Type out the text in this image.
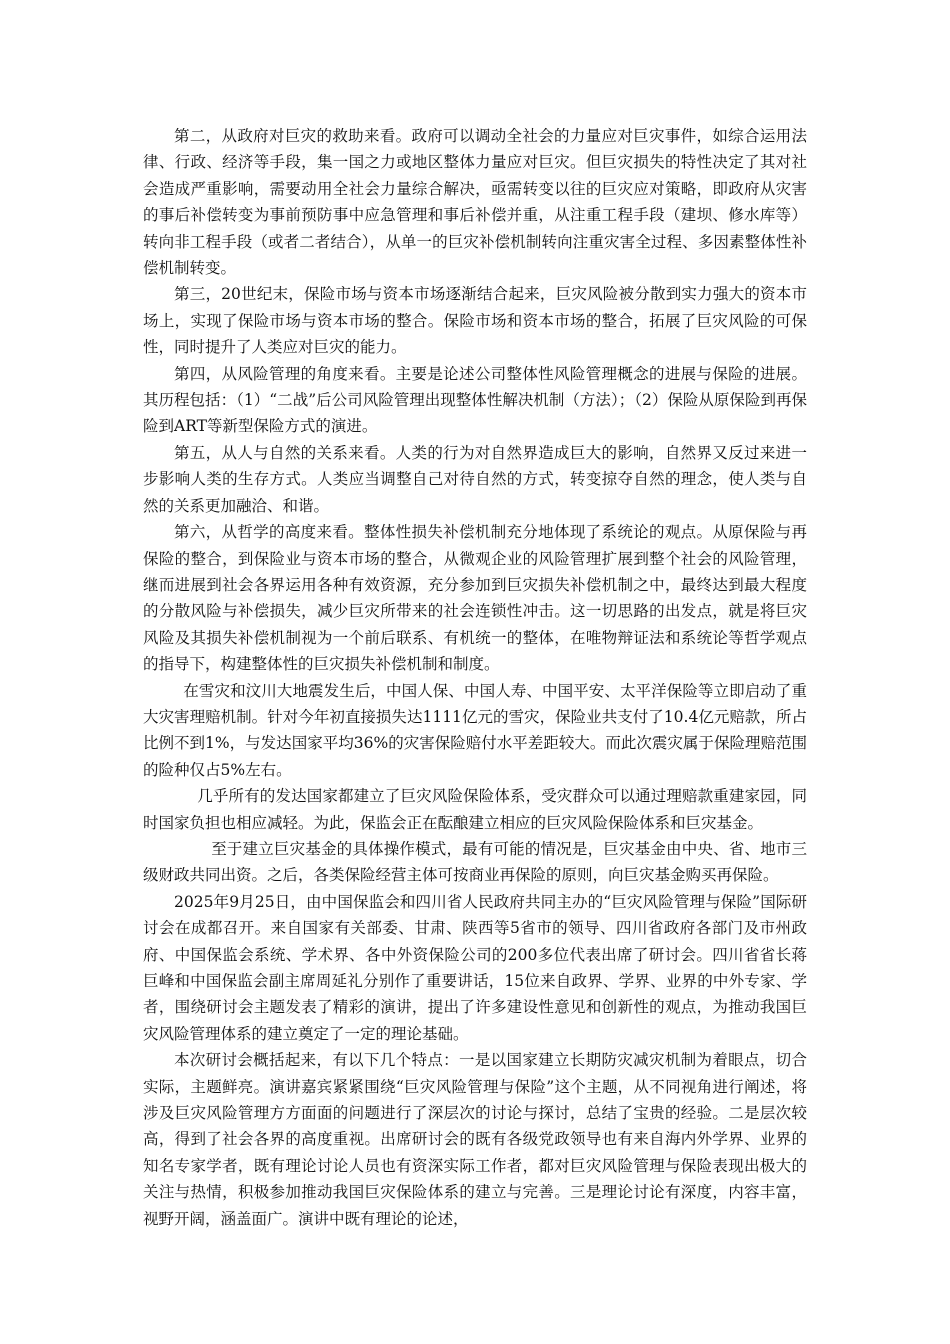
第二，从政府对巨灾的救助来看。政府可以调动全社会的力量应对巨灾事件，如综合运用法律、行政、经济等手段，集一国之力或地区整体力量应对巨灾。但巨灾损失的特性决定了其对社会造成严重影响，需要动用全社会力量综合解决，亟需转变以往的巨灾应对策略，即政府从灾害的事后补偿转变为事前预防事中应急管理和事后补偿并重，从注重工程手段（建坝、修水库等）转向非工程手段（或者二者结合），从单一的巨灾补偿机制转向注重灾害全过程、多因素整体性补偿机制转变。

第三，20世纪末，保险市场与资本市场逐渐结合起来，巨灾风险被分散到实力强大的资本市场上，实现了保险市场与资本市场的整合。保险市场和资本市场的整合，拓展了巨灾风险的可保性，同时提升了人类应对巨灾的能力。

第四，从风险管理的角度来看。主要是论述公司整体性风险管理概念的进展与保险的进展。其历程包括：（1）“二战”后公司风险管理出现整体性解决机制（方法）；（2）保险从原保险到再保险到ART等新型保险方式的演进。

第五，从人与自然的关系来看。人类的行为对自然界造成巨大的影响，自然界又反过来进一步影响人类的生存方式。人类应当调整自己对待自然的方式，转变掠夺自然的理念，使人类与自然的关系更加融洽、和谐。

第六，从哲学的高度来看。整体性损失补偿机制充分地体现了系统论的观点。从原保险与再保险的整合，到保险业与资本市场的整合，从微观企业的风险管理扩展到整个社会的风险管理，继而进展到社会各界运用各种有效资源，充分参加到巨灾损失补偿机制之中，最终达到最大程度的分散风险与补偿损失，减少巨灾所带来的社会连锁性冲击。这一切思路的出发点，就是将巨灾风险及其损失补偿机制视为一个前后联系、有机统一的整体，在唯物辩证法和系统论等哲学观点的指导下，构建整体性的巨灾损失补偿机制和制度。

在雪灾和汶川大地震发生后，中国人保、中国人寿、中国平安、太平洋保险等立即启动了重大灾害理赔机制。针对今年初直接损失达1111亿元的雪灾，保险业共支付了10.4亿元赔款，所占比例不到1%，与发达国家平均36%的灾害保险赔付水平差距较大。而此次震灾属于保险理赔范围的险种仅占5%左右。

几乎所有的发达国家都建立了巨灾风险保险体系，受灾群众可以通过理赔款重建家园，同时国家负担也相应减轻。为此，保监会正在酝酿建立相应的巨灾风险保险体系和巨灾基金。

至于建立巨灾基金的具体操作模式，最有可能的情况是，巨灾基金由中央、省、地市三级财政共同出资。之后，各类保险经营主体可按商业再保险的原则，向巨灾基金购买再保险。

2025年9月25日，由中国保监会和四川省人民政府共同主办的“巨灾风险管理与保险”国际研讨会在成都召开。来自国家有关部委、甘肃、陕西等5省市的领导、四川省政府各部门及市州政府、中国保监会系统、学术界、各中外资保险公司的200多位代表出席了研讨会。四川省省长蒋巨峰和中国保监会副主席周延礼分别作了重要讲话，15位来自政界、学界、业界的中外专家、学者，围绕研讨会主题发表了精彩的演讲，提出了许多建设性意见和创新性的观点，为推动我国巨灾风险管理体系的建立奠定了一定的理论基础。

本次研讨会概括起来，有以下几个特点：一是以国家建立长期防灾减灾机制为着眼点，切合实际，主题鲜亮。演讲嘉宾紧紧围绕“巨灾风险管理与保险”这个主题，从不同视角进行阐述，将涉及巨灾风险管理方方面面的问题进行了深层次的讨论与探讨，总结了宝贵的经验。二是层次较高，得到了社会各界的高度重视。出席研讨会的既有各级党政领导也有来自海内外学界、业界的知名专家学者，既有理论讨论人员也有资深实际工作者，都对巨灾风险管理与保险表现出极大的关注与热情，积极参加推动我国巨灾保险体系的建立与完善。三是理论讨论有深度，内容丰富，视野开阔，涵盖面广。演讲中既有理论的论述，
